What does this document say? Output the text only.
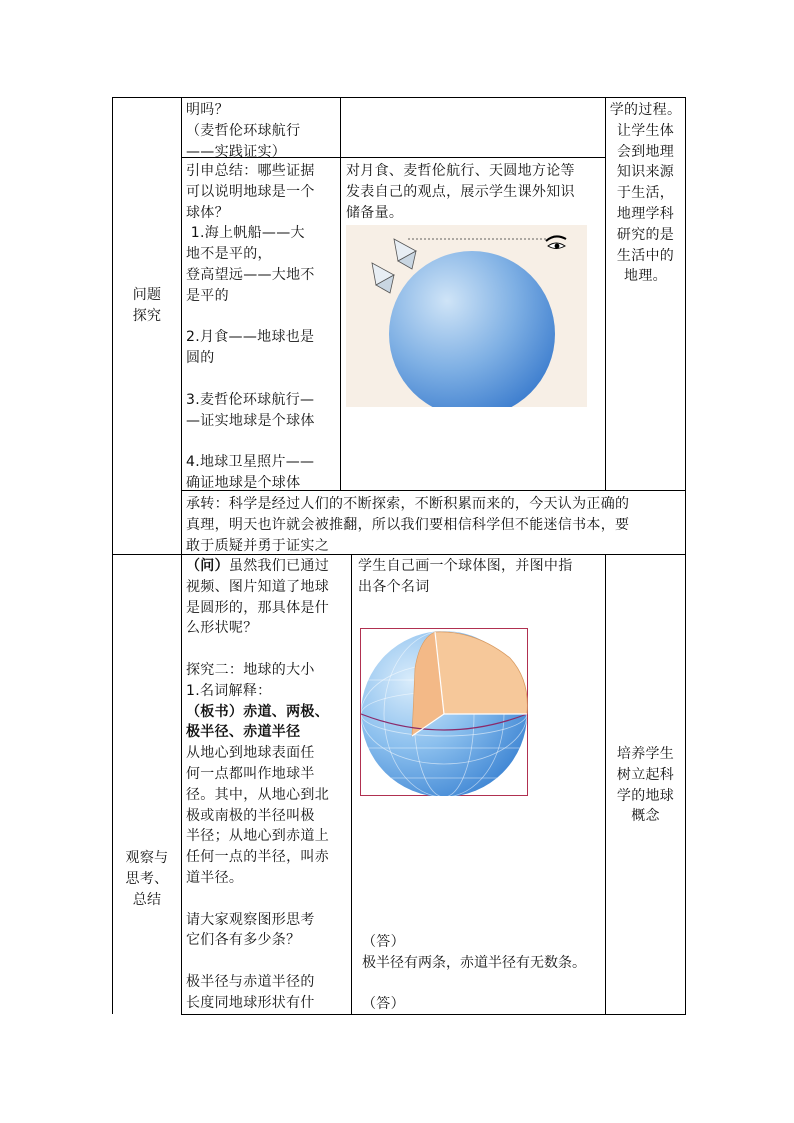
明吗？

（麦哲伦环球航行

——实践证实）

学的过程。

让学生体

会到地理

知识来源

于生活，

地理学科

研究的是

生活中的

地理。

问题

探究

引申总结：哪些证据

可以说明地球是一个

球体？

1.海上帆船——大

地不是平的，

登高望远——大地不

是平的

2.月食——地球也是

圆的

3.麦哲伦环球航行—

—证实地球是个球体

4.地球卫星照片——

确证地球是个球体

对月食、麦哲伦航行、天圆地方论等

发表自己的观点，展示学生课外知识

储备量。

承转：科学是经过人们的不断探索，不断积累而来的，今天认为正确的

真理，明天也许就会被推翻，所以我们要相信科学但不能迷信书本，要

敢于质疑并勇于证实之

观察与

思考、

总结

（问）虽然我们已通过

视频、图片知道了地球

是圆形的，那具体是什

么形状呢？

探究二：地球的大小

1.名词解释：

（板书）赤道、两极、

极半径、赤道半径

从地心到地球表面任

何一点都叫作地球半

径。其中，从地心到北

极或南极的半径叫极

半径；从地心到赤道上

任何一点的半径，叫赤

道半径。

请大家观察图形思考

它们各有多少条？

极半径与赤道半径的

长度同地球形状有什

学生自己画一个球体图，并图中指

出各个名词

（答）

极半径有两条，赤道半径有无数条。

（答）

培养学生

树立起科

学的地球

概念
